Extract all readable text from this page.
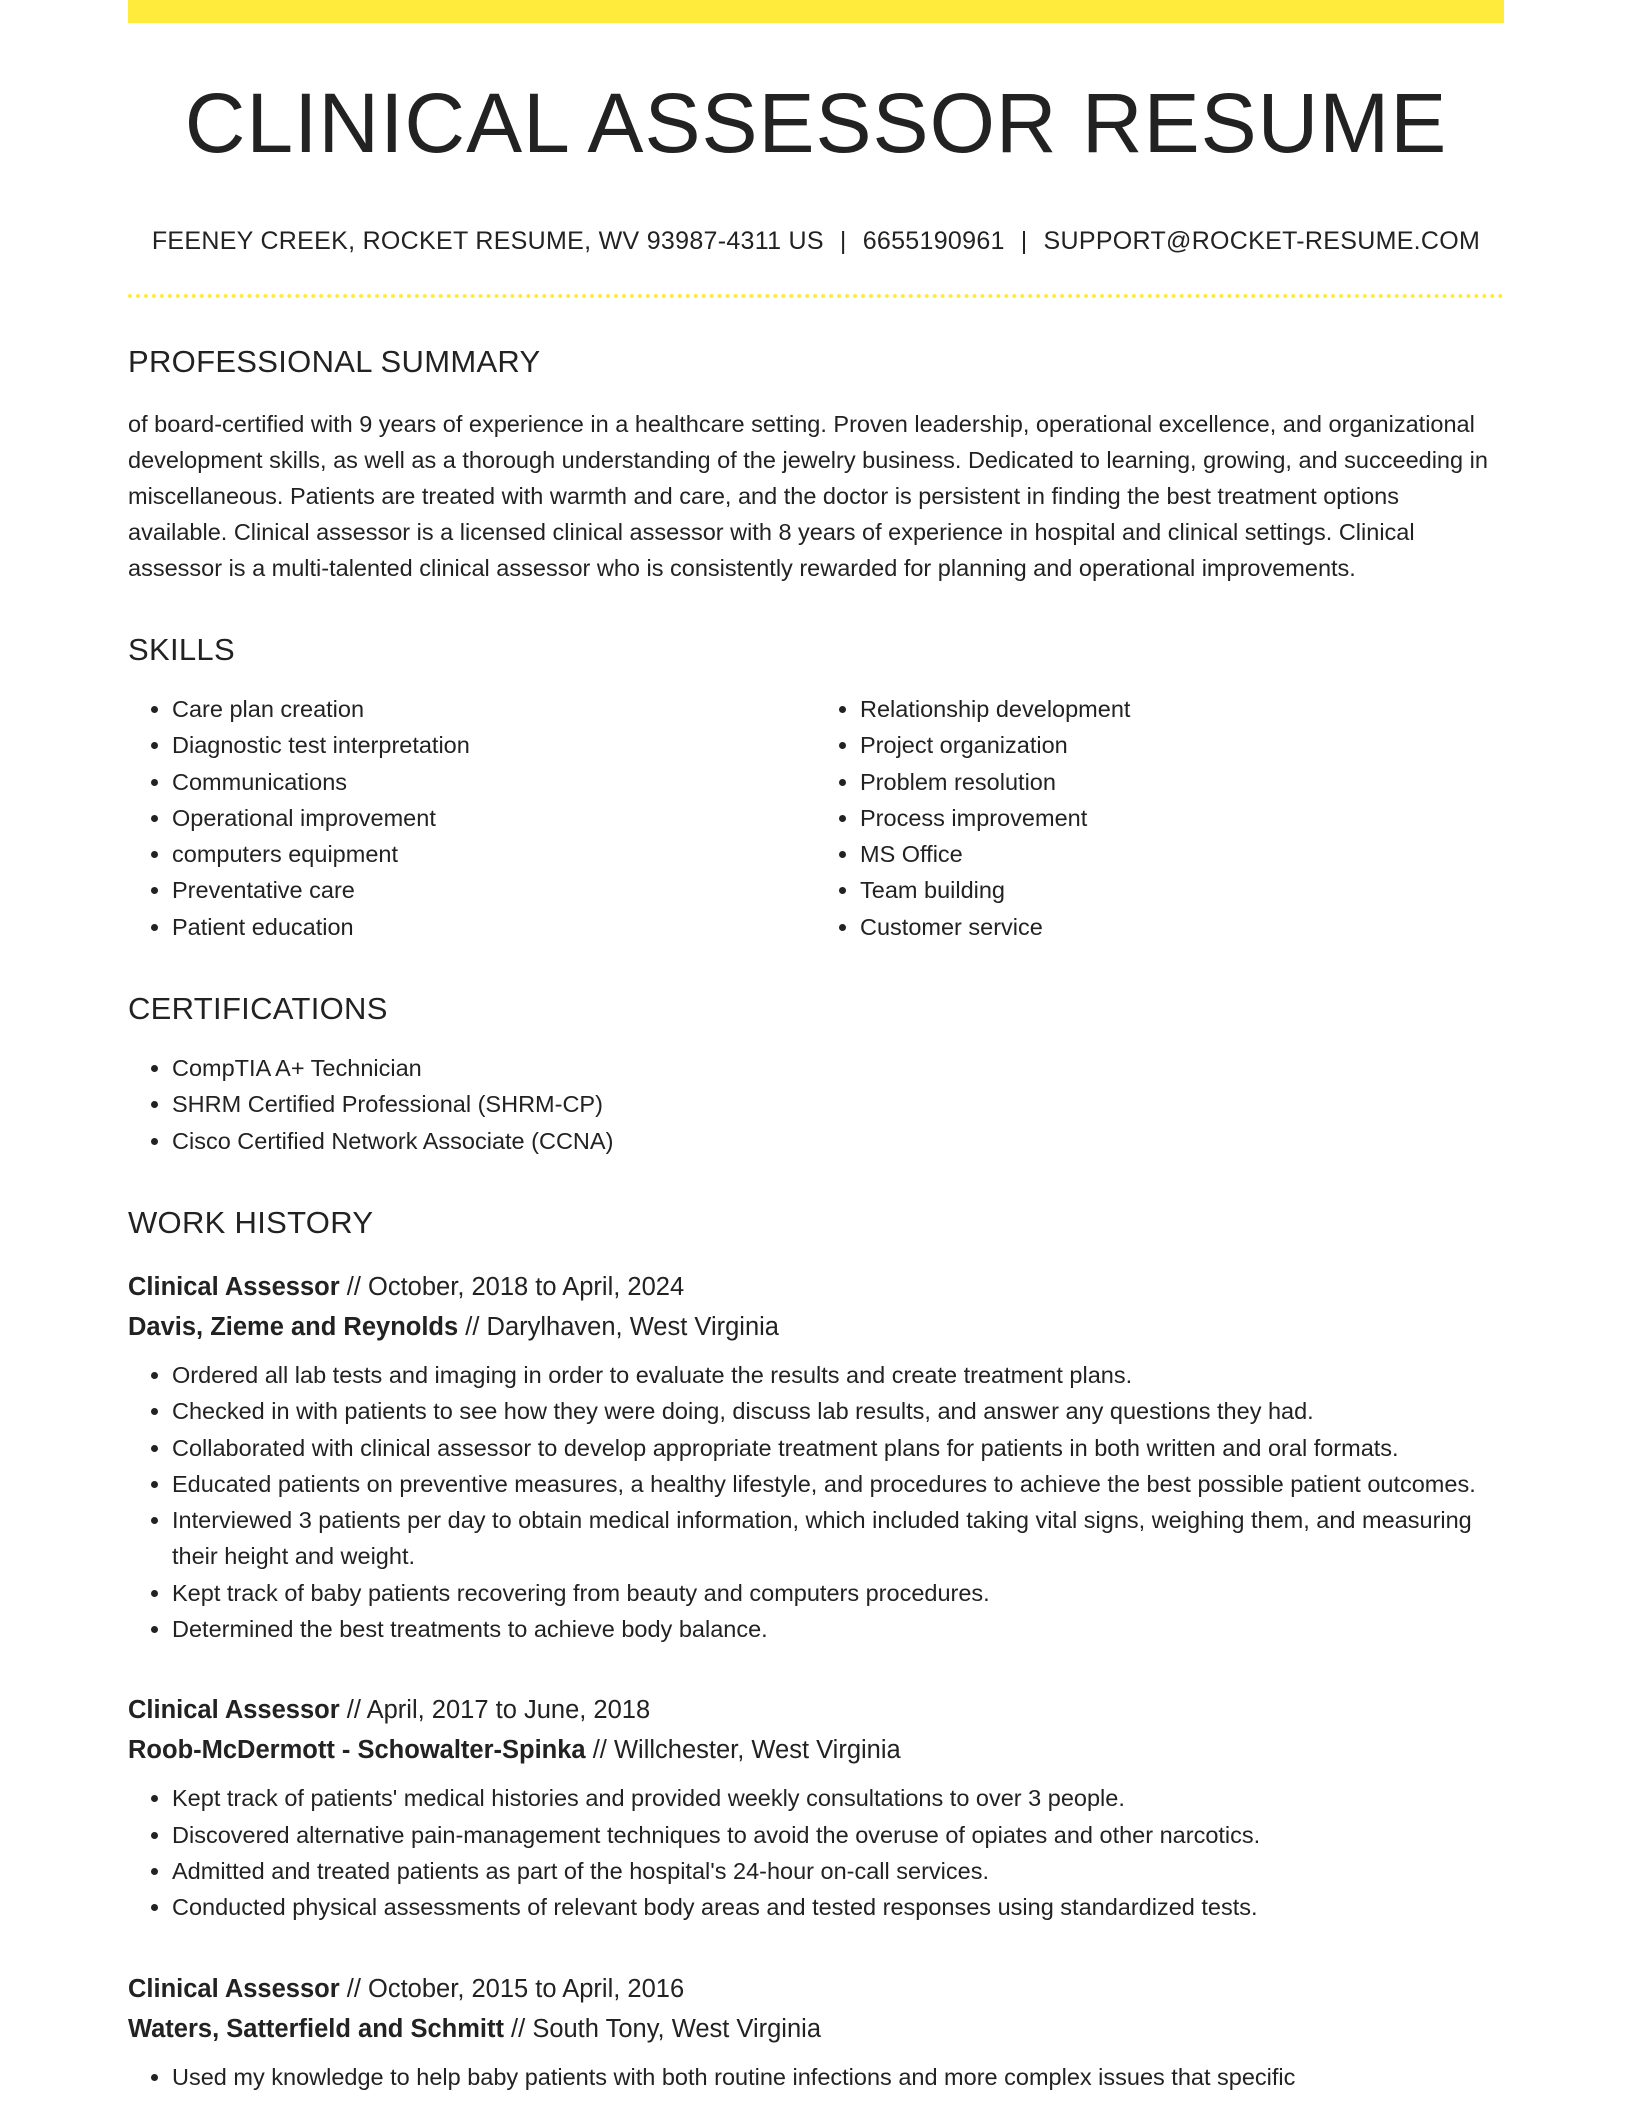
CLINICAL ASSESSOR RESUME
FEENEY CREEK, ROCKET RESUME, WV 93987-4311 US | 6655190961 | SUPPORT@ROCKET-RESUME.COM
PROFESSIONAL SUMMARY

of board-certified with 9 years of experience in a healthcare setting. Proven leadership, operational excellence, and organizational development skills, as well as a thorough understanding of the jewelry business. Dedicated to learning, growing, and succeeding in miscellaneous. Patients are treated with warmth and care, and the doctor is persistent in finding the best treatment options available. Clinical assessor is a licensed clinical assessor with 8 years of experience in hospital and clinical settings. Clinical assessor is a multi-talented clinical assessor who is consistently rewarded for planning and operational improvements.

SKILLS
• Care plan creation
• Diagnostic test interpretation
• Communications
• Operational improvement
• computers equipment
• Preventative care
• Patient education
• Relationship development
• Project organization
• Problem resolution
• Process improvement
• MS Office
• Team building
• Customer service
CERTIFICATIONS
• CompTIA A+ Technician
• SHRM Certified Professional (SHRM-CP)
• Cisco Certified Network Associate (CCNA)
WORK HISTORY
Clinical Assessor // October, 2018 to April, 2024
Davis, Zieme and Reynolds // Darylhaven, West Virginia
• Ordered all lab tests and imaging in order to evaluate the results and create treatment plans.
• Checked in with patients to see how they were doing, discuss lab results, and answer any questions they had.
• Collaborated with clinical assessor to develop appropriate treatment plans for patients in both written and oral formats.
• Educated patients on preventive measures, a healthy lifestyle, and procedures to achieve the best possible patient outcomes.
• Interviewed 3 patients per day to obtain medical information, which included taking vital signs, weighing them, and measuring their height and weight.
• Kept track of baby patients recovering from beauty and computers procedures.
• Determined the best treatments to achieve body balance.
Clinical Assessor // April, 2017 to June, 2018
Roob-McDermott - Schowalter-Spinka // Willchester, West Virginia
• Kept track of patients' medical histories and provided weekly consultations to over 3 people.
• Discovered alternative pain-management techniques to avoid the overuse of opiates and other narcotics.
• Admitted and treated patients as part of the hospital's 24-hour on-call services.
• Conducted physical assessments of relevant body areas and tested responses using standardized tests.
Clinical Assessor // October, 2015 to April, 2016
Waters, Satterfield and Schmitt // South Tony, West Virginia
• Used my knowledge to help baby patients with both routine infections and more complex issues that specific
